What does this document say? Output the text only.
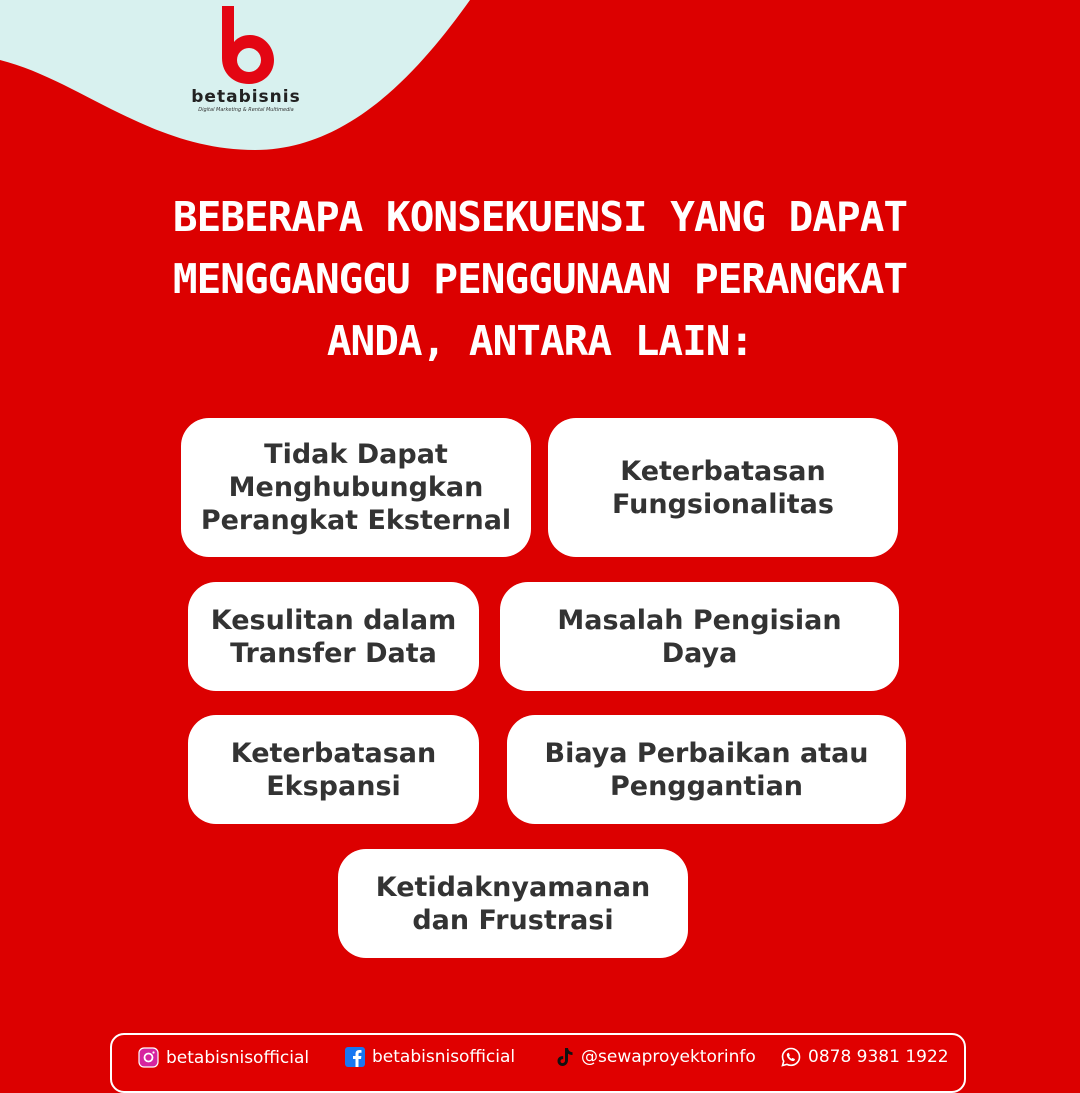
betabisnis
Digital Marketing & Rental Multimedia
BEBERAPA KONSEKUENSI YANG DAPAT
MENGGANGGU PENGGUNAAN PERANGKAT
ANDA, ANTARA LAIN:
Tidak Dapat
Menghubungkan
Perangkat Eksternal
Keterbatasan
Fungsionalitas
Kesulitan dalam
Transfer Data
Masalah Pengisian
Daya
Keterbatasan
Ekspansi
Biaya Perbaikan atau
Penggantian
Ketidaknyamanan
dan Frustrasi
betabisnisofficial	betabisnisofficial	@sewaproyektorinfo	0878 9381 1922
